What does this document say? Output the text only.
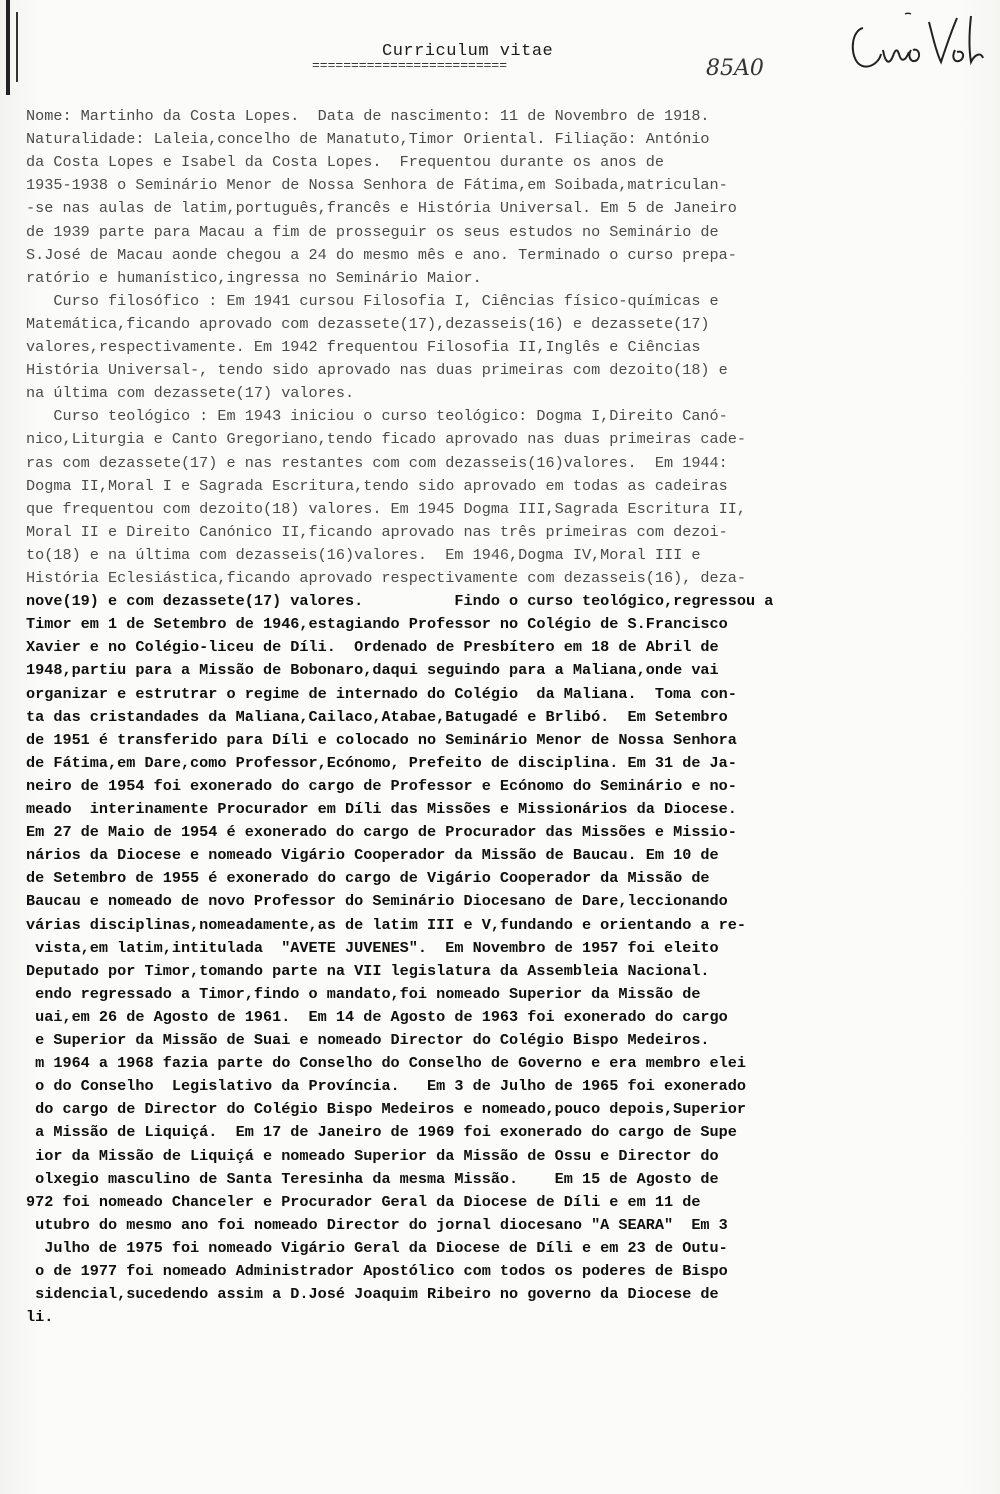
Curriculum vitae
=========================	85A0
Nome: Martinho da Costa Lopes.  Data de nascimento: 11 de Novembro de 1918.
Naturalidade: Laleia,concelho de Manatuto,Timor Oriental. Filiação: António
da Costa Lopes e Isabel da Costa Lopes.  Frequentou durante os anos de
1935-1938 o Seminário Menor de Nossa Senhora de Fátima,em Soibada,matriculan-
-se nas aulas de latim,português,francês e História Universal. Em 5 de Janeiro
de 1939 parte para Macau a fim de prosseguir os seus estudos no Seminário de
S.José de Macau aonde chegou a 24 do mesmo mês e ano. Terminado o curso prepa-
ratório e humanístico,ingressa no Seminário Maior.
Curso filosófico : Em 1941 cursou Filosofia I, Ciências físico-químicas e
Matemática,ficando aprovado com dezassete(17),dezasseis(16) e dezassete(17)
valores,respectivamente. Em 1942 frequentou Filosofia II,Inglês e Ciências
História Universal-, tendo sido aprovado nas duas primeiras com dezoito(18) e
na última com dezassete(17) valores.
Curso teológico : Em 1943 iniciou o curso teológico: Dogma I,Direito Canó-
nico,Liturgia e Canto Gregoriano,tendo ficado aprovado nas duas primeiras cade-
ras com dezassete(17) e nas restantes com com dezasseis(16)valores.  Em 1944:
Dogma II,Moral I e Sagrada Escritura,tendo sido aprovado em todas as cadeiras
que frequentou com dezoito(18) valores. Em 1945 Dogma III,Sagrada Escritura II,
Moral II e Direito Canónico II,ficando aprovado nas três primeiras com dezoi-
to(18) e na última com dezasseis(16)valores.  Em 1946,Dogma IV,Moral III e
História Eclesiástica,ficando aprovado respectivamente com dezasseis(16), deza-
nove(19) e com dezassete(17) valores.          Findo o curso teológico,regressou a
Timor em 1 de Setembro de 1946,estagiando Professor no Colégio de S.Francisco
Xavier e no Colégio-liceu de Díli.  Ordenado de Presbítero em 18 de Abril de
1948,partiu para a Missão de Bobonaro,daqui seguindo para a Maliana,onde vai
organizar e estrutrar o regime de internado do Colégio  da Maliana.  Toma con-
ta das cristandades da Maliana,Cailaco,Atabae,Batugadé e Brlibó.  Em Setembro
de 1951 é transferido para Díli e colocado no Seminário Menor de Nossa Senhora
de Fátima,em Dare,como Professor,Ecónomo, Prefeito de disciplina. Em 31 de Ja-
neiro de 1954 foi exonerado do cargo de Professor e Ecónomo do Seminário e no-
meado  interinamente Procurador em Díli das Missões e Missionários da Diocese.
Em 27 de Maio de 1954 é exonerado do cargo de Procurador das Missões e Missio-
nários da Diocese e nomeado Vigário Cooperador da Missão de Baucau. Em 10 de
de Setembro de 1955 é exonerado do cargo de Vigário Cooperador da Missão de
Baucau e nomeado de novo Professor do Seminário Diocesano de Dare,leccionando
várias disciplinas,nomeadamente,as de latim III e V,fundando e orientando a re-
vista,em latim,intitulada  "AVETE JUVENES".  Em Novembro de 1957 foi eleito
Deputado por Timor,tomando parte na VII legislatura da Assembleia Nacional.
endo regressado a Timor,findo o mandato,foi nomeado Superior da Missão de
uai,em 26 de Agosto de 1961.  Em 14 de Agosto de 1963 foi exonerado do cargo
e Superior da Missão de Suai e nomeado Director do Colégio Bispo Medeiros.
m 1964 a 1968 fazia parte do Conselho do Conselho de Governo e era membro elei
o do Conselho  Legislativo da Província.   Em 3 de Julho de 1965 foi exonerado
do cargo de Director do Colégio Bispo Medeiros e nomeado,pouco depois,Superior
a Missão de Liquiçá.  Em 17 de Janeiro de 1969 foi exonerado do cargo de Supe
ior da Missão de Liquiçá e nomeado Superior da Missão de Ossu e Director do
olxegio masculino de Santa Teresinha da mesma Missão.    Em 15 de Agosto de
972 foi nomeado Chanceler e Procurador Geral da Diocese de Díli e em 11 de
utubro do mesmo ano foi nomeado Director do jornal diocesano "A SEARA"  Em 3
Julho de 1975 foi nomeado Vigário Geral da Diocese de Díli e em 23 de Outu-
o de 1977 foi nomeado Administrador Apostólico com todos os poderes de Bispo
sidencial,sucedendo assim a D.José Joaquim Ribeiro no governo da Diocese de
li.
